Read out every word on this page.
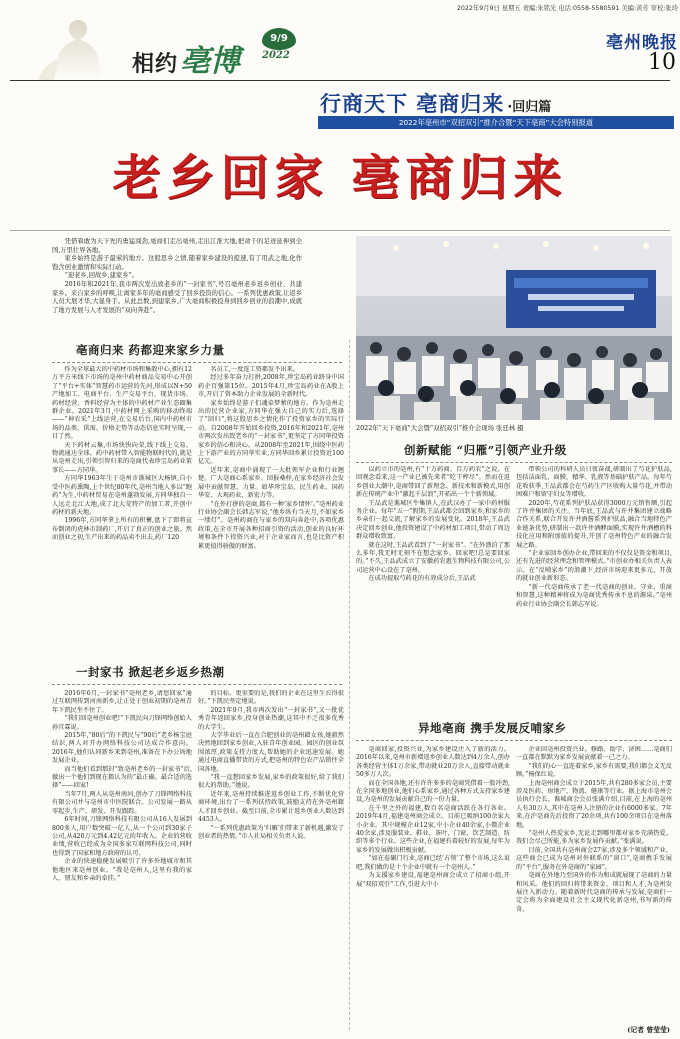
2022年9月9日 星期五 责编:朱铭光 电话:0558-5580591 美编:黄芳 审校:张玲
相约 亳博
9/9
2022
亳州晚报
10
行商天下 亳商归来 ·回归篇
2022年亳州市“双招双引”推介合暨“天下亳商”大会特别报道
老乡回家 亳商归来

凭借着敢为天下先的勇猛闯劲,亳商们走出亳州,走出江淮大地,把命千的足迹延伸到全国,万里壮界各地。

家乡始终是游子最萦的地方。这般思乡之情,随着家乡建设的提速,有了用武之地,化作饱含创业激情和实际行动。

“迎老乡,回故乡,建家乡”。

2016年和2021年,我市两次发出致老乡的“一封家书”,号召亳州老乡返乡创业、共建家乡。来自家乡的呼唤,让离家多年的亳商感受了回乡投资的信心。一系列优惠政策,让返乡人员大展才华,大显身手。从此总数,到建家乡,广大亳商积极投身到回乡创业的浪潮中,成就了地方发展与人才发展的“双向奔赴”。

2022年“天下亳商”大会暨“双招双引”推介会现场 张廷林 摄
亳商归来 药都迎来家乡力量

作为全球最大的中药材市场和集散中心,拥有12万平方米线下市场的亳州中药材商品交易中心开创了“平台+实体”智慧药市运营的先河,形成以N+50产地加工、电商平台、生产交易平台、现货市场、药材经营、香料经营为主体的中药材产业生态圈集群企业。2021年3月,中药材网上采购的移动终端——“神农采”上线运营,在交易后台,国内中药材市场的品类、供需、价格走势等动态信息实时呈现,一目了然。

天下药材云集,市场快快向荣,线下线上交易、物流通达全球。药中药材带入智能物联时代的,就是从亳州走出,引领引智归来的亳商代表珍宝岛药业董事长——方同华。

方同华1963年生于亳州市谯城区大杨镇,自小受中医药熏陶,上个世纪80年代,亳州当地人多以“跑药”为生,中药材贸易在亳州蓬勃发展,方同华独自一人远走北江大地,成了北大荒特产的加工者,开创中药材的新天地。

1996年,方同华拿上所有的积蓄,盘下了即将宣布倒闭的虎林市制药厂,开启了真正的创业之旅。然而创业之初,生产出来的药品卖不出去,药厂120

名员工,一度连工资都发不出来。

经过多年奋力打拼,2008年,珍宝岛药业跻身中国药企百强第15位。2015年4月,珍宝岛药业在A股上市,开启了资本助力企业发展的全新时代。

家乡始终是游子们魂牵梦萦的地方。作为亳州走出的民营企业家,方同华在强大自己的实力后,选择了“回归”,将这股思乡之情化作了投资家乡的实际行动。自2008年开始回乡投资,2016年和2021年,亳州市两次发出致老乡的“一封家书”,更坚定了方同华投资家乡的信心和决心。从2008年至2021年,围绕中医药上下游产业的方同华实业,方同华回乡累计投资近100亿元。

近年来,亳商中涌现了一大批领军企业和行业翘楚。广大亳商心系家乡、回报桑梓,在家乡经济社会发展中贡献智慧、力量。如华珍宝岛、民生药业、国药华安、大观药业、新宏力等。

“在外打拼的亳商,都有一种‘家乡情怀’。”亳州药业行业协会副会长韩志军说,“他乡纵有当天月,不如家乡一缕灯”。亳州药商在与家乡的双向奔赴中,各项优惠政策,在全市开展各种招商引资的活动,创业的良好环境和条件下投资兴业,对于企业家而言,也是比资产积累更值得骄傲的财富。

一封家书 掀起老乡返乡热潮

2016年6月,一封家书“亳州老乡,请您回家”通过互联网传到河南新乡,让正处于创业初期的亳州青年下凯民坐不住了。

“我们回亳州创业吧!”下凯民向刀锋网络创始人孙宜霖说。

2015年,“80后”的下凯民与“90后”老乡杨宝庭结识,两人对开办网络科技公司达成合作意向。2016年,他们认同新乡来到亳州,准备在下办公场地发展企业。

而当他们看到那封“致亳州老乡的一封家书”后,做出一个他们到现在都认为的“最正确、最合适的选择”——回家!

当年7月,两人从亳州南河,创办了刀锋网络科技有限公司并与亳州市中医院联合。公司发展一路从零起步,生产、研发、开发跟踪。

6年时间,刀锋网络科技有限公司从16人发展到800多人,用户数突破一亿人,从一个公司到30家子公司,从420万元到4.42亿元的年收入。企业的营收业绩,营收已经成为全国多家互联网科技公司,同时也得到了国家和地方政府的认可。

企业的快速稳健发展吸引了许多外地城市和其他地区来亳州创业。“我是亳州人,这里有我的家人、朋友和乡亲的牵挂。”

的目标。更重要的是,我们的企业在这里生长得很好。”下凯民坚定地说。

2021年9月,我市再次发出“一封家书”,又一批优秀青年返回家乡,投身创业热潮,这其中不乏很多优秀的大学生。

大学毕业后一直在合肥创业的亳州籍女孩,她毅然决然地回到家乡创业,入驻青年创业园。园区的创业氛围浓厚,政策支持力度大,帮助她的企业迅速发展。她通过电商直播带货的方式,把亳州的特色农产品销往全国各地。

“我一直想回家乡发展,家乡的政策很好,给了我们很大的帮助。”她说。

近年来,亳州持续推进返乡创业工作,不断优化营商环境,出台了一系列扶持政策,鼓励支持在外亳州籍人才回乡创业。截至目前,全市累计返乡创业人数达到4453人。

“一系列优惠政策为‘归雁’们带来了新机遇,激发了创业者的热情。”市人社局相关负责人说。

创新赋能 “归雁”引领产业升级

以药立市的亳州,有“十万药商、百万药农”之说。在回观念看来,这一产业已被先来者“吃干榨尽”。然而在返乡创业大潮中,亳商带回了新理念、新技术和新模式,用创新在传统产业中“激起千层浪”,开拓出一个个新领域。

王品武是谯城区牛集镇人,在武汉办了一家中药材服务企业。每年“五一”假期,王品武都会回到家乡,和家乡的乡亲们一起交流,了解家乡的发展变化。2018年,王品武决定回乡创业,他投资建设了中药材加工项目,带动了周边群众增收致富。

就在这时,王品武看到了“一封家书”。“在外漂泊了那么多年,我无时无刻不在想念家乡。回家吧!总是要回家的。”不久,王品武成立了安徽药农惠生物科技有限公司,公司运营中心设在了亳州。

在成功提取芍药花的有效成分后,王品武

带领公司的科研人员日夜奋战,研制出了芍花护肤品,包括洁面乳、面膜、精华、乳液等基础护肤产品。每年芍花收获季,王品武都会在芍药生产区收购大量芍花,并带动困难户和留守妇女等增收。

2020年,芍花系列护肤品获得3000万元销售额,引起了许井集团的关注。当年底,王品武与许井集团建立战略合作关系,联合开发许井酒酱系列护肤品,融合当地特色产业链条优势,研制出一款许井酒酵面膜,实现许井酒槽的科技化应用和附加值的提升,开创了亳州特色产业的融合发展之路。

“企业家回乡创办企业,带回来的不仅仅是资金和项目,还有先进的经营理念和管理模式。”市创业办相关负责人表示。在“反哺家乡”的浪潮下,经济市场迎来更多元、开放的就业创业新形态。

“新一代亳商传承了老一代亳商的创业、守业、重商和智慧,这种精神将成为亳商优秀传承不息的源泉。”亳州药业行业协会副会长韩志军说。

异地亳商 携手发展反哺家乡

亳商回家,投资兴业,为家乡建设注入了新的活力。2016年以来,亳州市新增返乡创业人数达到4万余人,创办各类经营主体1万余家,带动就业20万余人,直接带动就业50多万人次。

而在全国各地,还有许许多多的亳商凭借着一股冲劲,在全国多地创业,他们心系家乡,通过各种方式支持家乡建设,为亳州的发展贡献自己的一份力量。

在千里之外的福建,数百名亳商活跃在各行各业。2019年4月,福建亳州商会成立。目前已吸纳100余家大小企业。其中规模企业12家,中小企业40余家,小微企业40余家,涉及服装业、鞋业、茶叶、门窗、饮艺制造、纺织等多个行业。这些企业,在福建有着较好的发展,每年为家乡的发展做出积极贡献。

“如在卷碾门行业,亳商已经‘占领’了整个市场,这么说吧,我们做的是十个企业中就有一个亳州人。”

为支援家乡建设,福建亳州商会成立了招商小组,开展“双招双引”工作,引进大中小

企业回亳州投资兴业。修路、助学、济困……亳商们一直都在默默为家乡发展贡献着一己之力。

“我们的心一直连着家乡,家乡有需要,我们都会义无反顾。”杨保红说。

上海亳州商会成立于2015年,共有280多家会员,主要涉及医药、房地产、物流、健康等行业。据上海市亳州会员执行会长、谯城商会会员张满介绍,目前,在上海的亳州人有30万人,其中在亳州人注册的企业有6000多家。7年来,在沪亳商先后投资了20余项,共有100余项目在亳州落地。

“亳州人热爱家乡,无论走到哪里都对家乡充满热爱。我们会尽己所能,多为家乡发展作贡献。”张满说。

目前,全国共有亳州商会27家,涉及多个领域和产业。这些商会已成为亳州对外联系的“窗口”,亳商携手发展的“平台”,服务在外亳商的“家园”。

亳商在外地乃至国外的作为和成就展现了亳商的力量和风采。他们的回归将带来资金、项目和人才,为亳州发展注入新动力。随着新时代亳商的传承与发展,亳商们一定会将为全面建设社会主义现代化新亳州,书写新的传奇。

(记者 曾莹莹)
